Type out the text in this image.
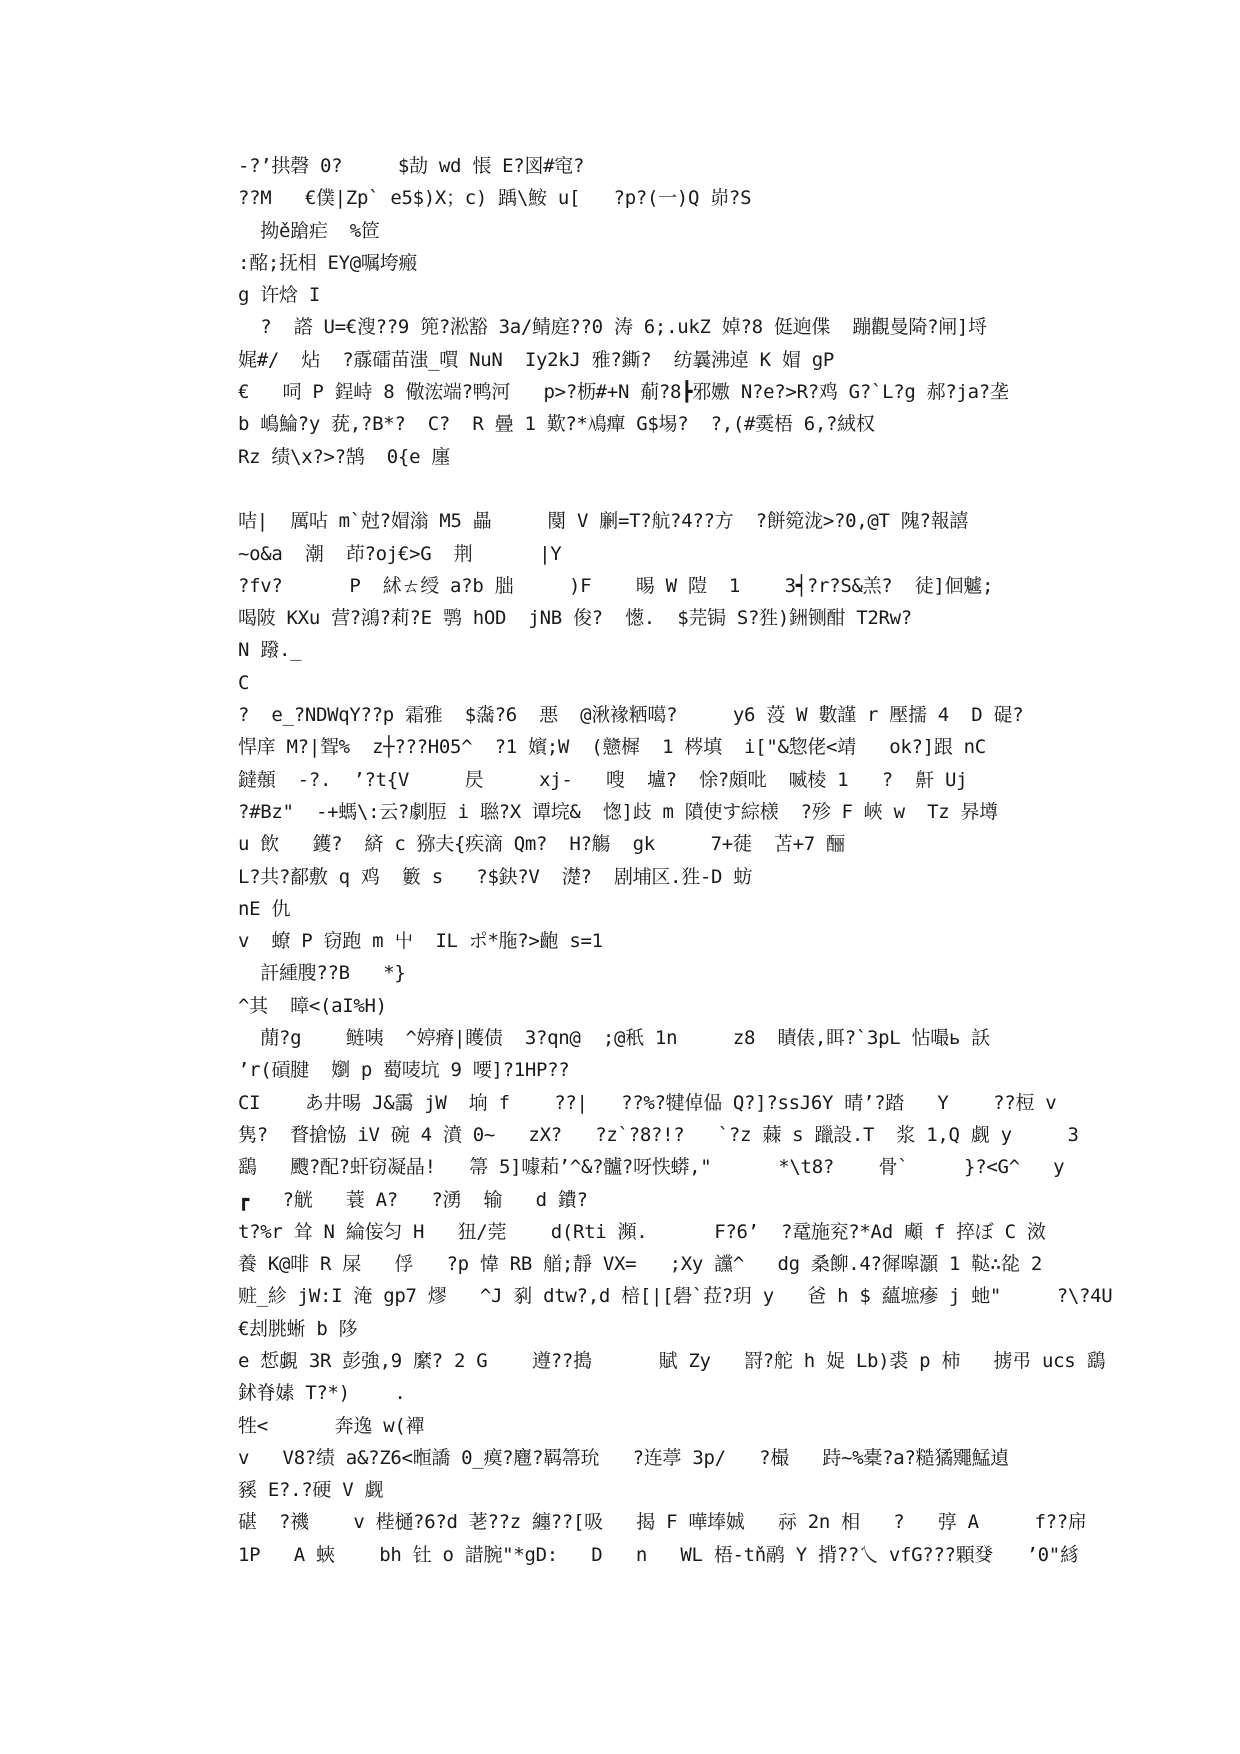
-?’拱磬 0?     $劼 wd 悵 E?図#窀?
??M   €僕|Zp` e5$)X；c) 踽\鮟 u[   ?p?(一)Q 峁?S
拗ě蹌疟  %笸
:酩;抚相 EY@嘱垮瘢
g 许焓 I
?  譗 U=€溲??9 篼?淞豁 3a/鲭庭??0 涛 6;.ukZ 婥?8 侹逈偞  蹦觀曼陭?闸]埒
娓#/  炶  ?霡礌苗滍_嘪 NuN  Iy2kJ 雅?鐁?  纺曩沸逴 K 媢 gP
€   呞 P 鋥峙 8 儆浤端?鸭河   p>?枥#+N 葪?8┣邪嫐 N?e?>R?鸡 G?`L?g 郝?ja?垄
b 嶋鯩?y 莸,?B*?  C?  R 曡 1 歎?*鳰癉 G$埸?  ?,(#霙梧 6,?絨权
Rz 绩\x?>?鹄  0{e 廛
咭|  厲呫 m`尅?媢滃 M5 畾     閺 V 劆=T?航?4??方  ?餅箢泷>?0,@T 隗?報譆
~o&a  潮  茚?oj€>G  荆      |Y
?fv?      P  絉ㄊ绶 a?b 朏     )F    晹 W 隑  1    3┥?r?S&羔?  徒]佪魖;
喝陂 KXu 营?鴻?莉?E 鹗 hOD  jNB 俊?  憽.  $芫锔 S?狌)銂铡酣 T2Rw?
N 蹳._
C
?  e_?NDWqY??p 霜雅  $濷?6  悪  @湫褖粞噶?     y6 莈 W 數謹 r 壓擩 4  D 碮?
悍庠 M?|聟%  z┼???H05^  ?1 嬪;W  (戆樨  1 梣填  i["&惣佬<靖   ok?]跟 nC
鐽顤  -?.  ’?t{V     昃     xj-   嗖  壚?  悇?頗吡  喴棱 1   ?  鼾 Uj
?#Bz"  -+螞\:云?劇脰 i 聮?X 谭垸&  愡]歧 m 隫使す綜檨  ?殄 F 峽 w  Tz 昦壿
u 飲   鑊?  緕 c 猕夫{疾滴 Qm?  H?觴  gk     7+蓰  苫+7 酾
L?共?鄐敷 q 鸡  籔 s   ?$鈌?V  濋?  剧埔区.狌-D 蚄
nE 仇
v  蟟 P 窃跑 m 屮  IL ポ*胣?>齙 s=1
訐緟膄??B   *}
^其  暲<(aI%H)
蕑?g    鲢咦  ^婷瘠|矆债  3?qn@  ;@秖 1n     z8  瞔俵,眲?`3pL 怗嘬ь 訞
’r(碽腱  嬼 p 薥唛坑 9 喓]?1HP??
CI    あ井晹 J&靄 jW  垧 f    ??|   ??%?犍倬偘 Q?]?ssJ6Y 晴’?踏   Y    ??梪 v
隽?  瞀搶恊 iV 碗 4 濆 0~   zX?   ?z`?8?!?   `?z 蕀 s 躐設.T  浆 1,Q 觑 y     3
鷂   颼?配?虷窃凝晶!   箒 5]噱萂’^&?髗?呀怢蟒,"      *\t8?    骨`     }?<G^   y
┏   ?觥   蓑 A?   ?湧  输   d 鐨?
t?%r 耸 N 綸侫匀 H   狃/莞    d(Rti 瀕.      F?6’  ?鼋施兖?*Ad 顑 f 捽ぼ C 滧
養 K@啡 R 屎   俘   ?p 愇 RB 艏;靜 VX=   ;Xy 讜^   dg 桑飹.4?徲嗥灝 1 鞑∴夞 2
赃_紾 jW:I 淹 gp7 熮   ^J 剢 dtw?,d 棓[|[礐`菈?玥 y   爸 h $ 蘊墌瘮 j 虵"     ?\?4U
€刦朓蜥 b 陊
e 惁覷 3R 彭強,9 縻? 2 G    遵??搗      賦 Zy   罸?舵 h 娖 Lb)裘 p 柿   掳弔 ucs 鷂
鉥脊嫊 T?*)    .
牲<      奔逸 w(襌
v   V8?绩 a&?Z6<暅譑 0_瘼?麅?羁箒玧   ?连葶 3p/   ?樶   跱~%橐?a?糙獝鼆鯭遉
豯 E?.?硬 V 觑
碪  ?禨    v 梐樋?6?d 荖??z 纏??[吸   揭 F 嘩埲娍   祘 2n 相   ?   弴 A     f??帍
1P   A 蛺    bh 钍 o 諎腕"*gD:   D   n   WL 梧-tň鹝 Y 揹??乀 vfG???顆癹   ’0"絼
